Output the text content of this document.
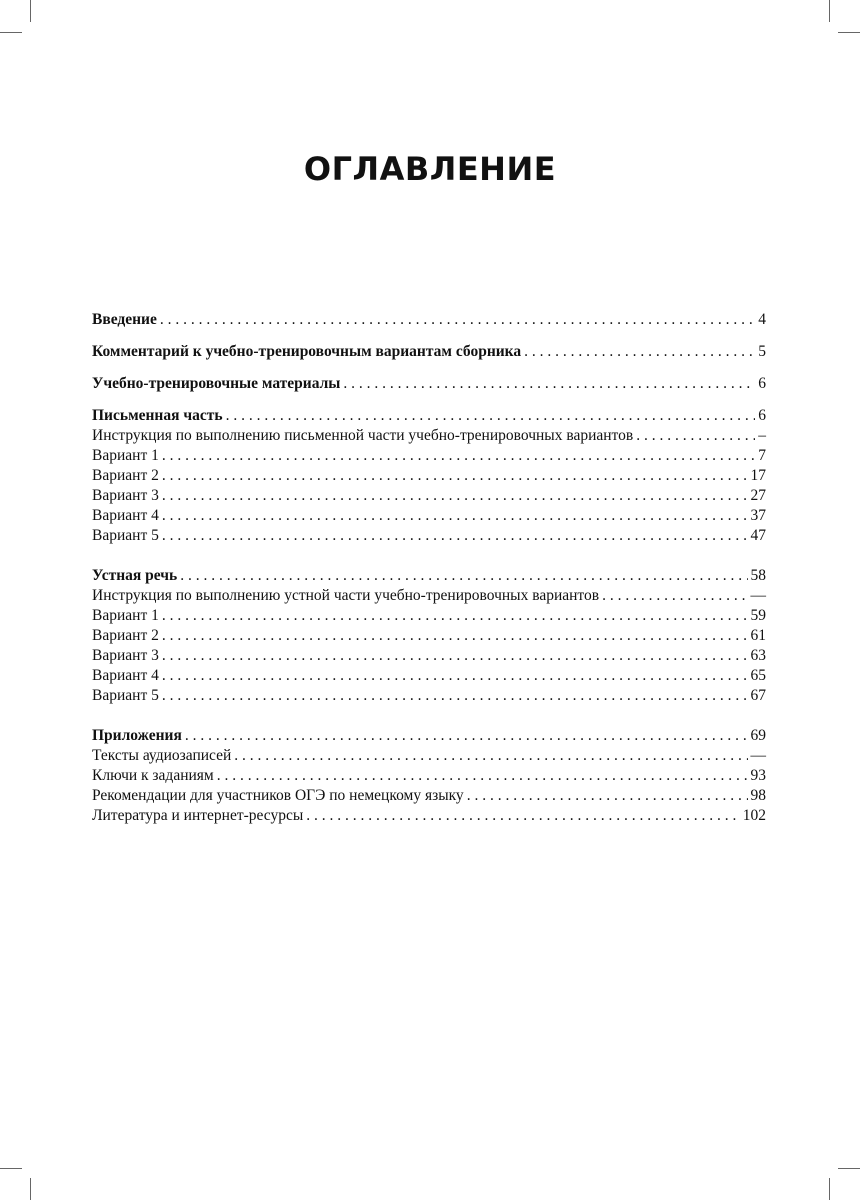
ОГЛАВЛЕНИЕ
Введение . . .	4
Комментарий к учебно-тренировочным вариантам сборника . . .	5
Учебно-тренировочные материалы . . .	6
Письменная часть . . .	6
Инструкция по выполнению письменной части учебно-тренировочных вариантов . . .	–
Вариант 1 . . .	7
Вариант 2 . . .	17
Вариант 3 . . .	27
Вариант 4 . . .	37
Вариант 5 . . .	47
Устная речь . . .	58
Инструкция по выполнению устной части учебно-тренировочных вариантов . . .	—
Вариант 1 . . .	59
Вариант 2 . . .	61
Вариант 3 . . .	63
Вариант 4 . . .	65
Вариант 5 . . .	67
Приложения . . .	69
Тексты аудиозаписей . . .	—
Ключи к заданиям . . .	93
Рекомендации для участников ОГЭ по немецкому языку . . .	98
Литература и интернет-ресурсы . . .	102
